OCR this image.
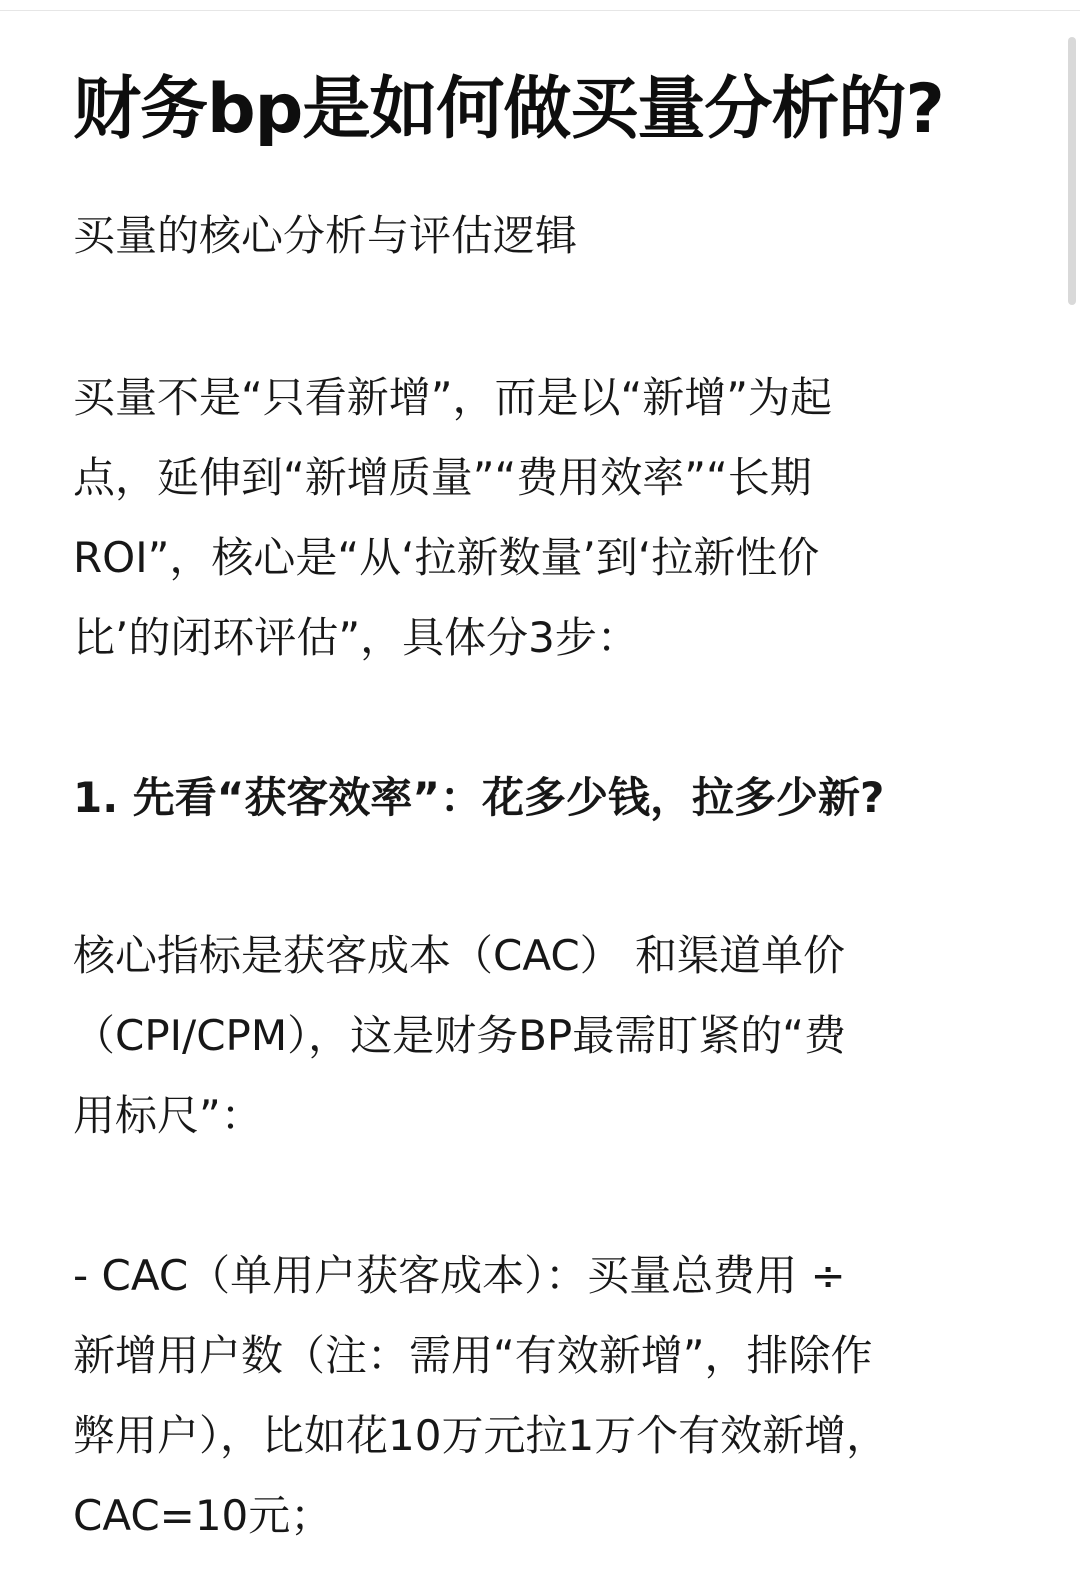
财务bp是如何做买量分析的?

买量的核心分析与评估逻辑

买量不是“只看新增”，而是以“新增”为起
点，延伸到“新增质量”“费用效率”“长期
ROI”，核心是“从‘拉新数量’到‘拉新性价
比’的闭环评估”，具体分3步：

1. 先看“获客效率”：花多少钱，拉多少新?

核心指标是获客成本（CAC） 和渠道单价
（CPI/CPM），这是财务BP最需盯紧的“费
用标尺”：

- CAC（单用户获客成本）：买量总费用 ÷
新增用户数（注：需用“有效新增”，排除作
弊用户），比如花10万元拉1万个有效新增，
CAC=10元；
